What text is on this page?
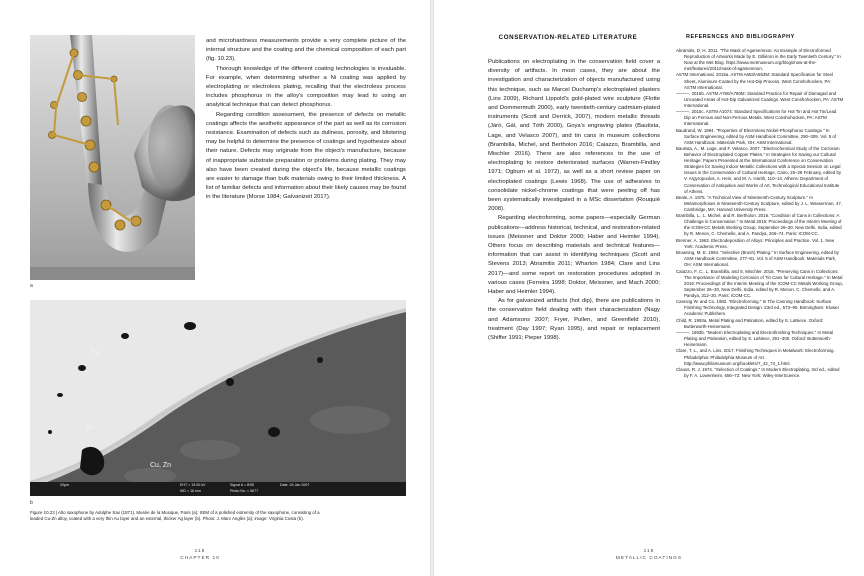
a

and microhardness measurements provide a very complete picture of the internal structure and the coating and the chemical composition of each part (fig. 10.23).

Thorough knowledge of the different coating technologies is invaluable. For example, when determining whether a Ni coating was applied by electroplating or electroless plating, recalling that the electroless process includes phosphorus in the alloy's composition may lead to using an analytical technique that can detect phosphorus.

Regarding condition assessment, the presence of defects on metallic coatings affects the aesthetic appearance of the part as well as its corrosion resistance. Examination of defects such as dullness, porosity, and blistering may be helpful to determine the presence of coatings and hypothesize about their nature. Defects may originate from the object's manufacture, because of inappropriate substrate preparation or problems during plating. They may also have been created during the object's life, because metallic coatings are easier to damage than bulk materials owing to their limited thickness. A list of familiar defects and information about their likely causes may be found in the literature (Morse 1984; Galvanizeit 2017).

Ag
Au
Cu, Zn
20μm	EHT = 15.00 kV
WD = 16 mm
Signal A = BSE
Photo No. = 5677
Date :24 Jan 2007
b

Figure 10.23 | Alto saxophone by Adolphe Sax (1871), Musée de la Musique, Paris (a); SEM of a polished extremity of the saxophone, consisting of a leaded Cu-Zn alloy, coated with a very thin Au layer and an external, thicker Ag layer (b). Photo: J. Marc Anglès (a); image: Virginia Costa (b).

118
CHAPTER 10
CONSERVATION-RELATED LITERATURE

Publications on electroplating in the conservation field cover a diversity of artifacts. In most cases, they are about the investigation and characterization of objects manufactured using this technique, such as Marcel Duchamp's electroplated plasters (Lins 2009), Richard Lippold's gold-plated wire sculpture (Flotte and Dommermuth 2000), early twentieth-century cadmium-plated instruments (Scott and Derrick, 2007), modern metallic threads (Járó, Gál, and Tóth 2000), Goya's engraving plates (Bautista, Lage, and Velasco 2007), and tin cans in museum collections (Brambilla, Michel, and Bertholon 2016; Caiazzo, Brambilla, and Mischler 2016). There are also references to the use of electroplating to restore deteriorated surfaces (Warren-Findley 1971; Ogburn et al. 1972), as well as a short review paper on electroplated coatings (Lewis 1968). The use of adhesives to consolidate nickel-chrome coatings that were peeling off has been systematically investigated in a MSc dissertation (Rouquié 2008).

Regarding electroforming, some papers—especially German publications—address historical, technical, and restoration-related issues (Meissner and Doktor 2000; Haber and Heimler 1994). Others focus on describing materials and technical features—information that can assist in identifying techniques (Scott and Stevens 2013; Abramitis 2011; Wharton 1984; Clare and Lins 2017)—and some report on restoration procedures adopted in various cases (Ferreira 1998; Doktor, Meissner, and Mach 2000; Haber and Heimler 1994).

As for galvanized artifacts (hot dip), there are publications in the conservation field dealing with their characterization (Nagy and Adamsons 2007; Fryer, Pullen, and Greenfield 2010), treatment (Day 1997; Ryan 1995), and repair or replacement (Shiffer 1991; Pieper 1998).

REFERENCES AND BIBLIOGRAPHY
Abramitis, D. H. 2011. "The Mask of Agamemnon: An Example of Electroformed Reproduction of Artworks Made by E. Gilliéron in the Early Twentieth Century." In Now at the Met Blog. https://www.metmuseum.org/blogs/now-at-the-met/features/2011/mask-of-agamemnon.
ASTM International. 2015a. ASTM A653/A653M: Standard Specification for Steel Sheet, Aluminum-Coated by the Hot-Dip Process. West Conshohocken, PA: ASTM International.
———. 2015b. ASTM A780/A780M: Standard Practice for Repair of Damaged and Uncoated Areas of Hot-Dip Galvanized Coatings. West Conshohocken, PA: ASTM International.
———. 2015c. ASTM A1074: Standard Specifications for Hot Tin and Hot Tin/Lead Dip on Ferrous and Non-Ferrous Metals. West Conshohocken, PA: ASTM International.
Baudrand, W. 1994. "Properties of Electroless Nickel-Phosphorus Coatings." In Surface Engineering, edited by ASM Handbook Committee, 290–309. Vol. 5 of ASM Handbook. Materials Park, OH: ASM International.
Bautista, A., M. Lage, and F. Velasco. 2007. "Electrochemical Study of the Corrosion Behavior of Electroplated Copper Plates." In Strategies for Saving our Cultural Heritage: Papers Presented at the International Conference on Conservation Strategies for Saving Indoor Metallic Collections with a Special Session on Legal Issues in the Conservation of Cultural Heritage, Cairo, 25–28 February, edited by V. Argyropoulos, A. Hein, and M. A. Harith, 110–14. Athens: Department of Conservation of Antiquities and Works of Art, Technological Educational Institute of Athens.
Beale, A. 1975. "A Technical View of Nineteenth-Century Sculpture." In Metamorphoses in Nineteenth-Century Sculpture, edited by J. L. Wasserman, 47. Cambridge, MA: Harvard University Press.
Brambilla, L., L. Michel, and R. Bertholon. 2016. "Condition of Cans in Collections: A Challenge in Conservation." In Metal 2016: Proceedings of the Interim Meeting of the ICOM-CC Metals Working Group, September 26–30, New Delhi, India, edited by R. Menon, C. Chemello, and A. Pandya, 266–74. Paris: ICOM-CC.
Brenner, A. 1963. Electrodeposition of Alloys: Principles and Practice. Vol. 1. New York: Academic Press.
Browning, M. E. 1994. "Selective (Brush) Plating." In Surface Engineering, edited by ASM Handbook Committee, 277–81. Vol. 5 of ASM Handbook. Materials Park, OH: ASM International.
Caiazzo, F. C., L. Brambilla, and S. Mischler. 2016. "Preserving Cans in Collections: The Importance of Modeling Corrosion of Tin Cans for Cultural Heritage." In Metal 2016: Proceedings of the Interim Meeting of the ICOM-CC Metals Working Group, September 26–30, New Delhi, India, edited by R. Menon, C. Chemello, and A. Pandya, 312–20. Paris: ICOM-CC.
Canning W. and Co. 1982. "Electroforming." In The Canning Handbook: Surface Finishing Technology, Integrated Design. 23rd ed., 573–90. Birmingham: Kluwer Academic Publishers.
Child, R. 1993a. Metal Plating and Patination, edited by S. LaNiece. Oxford: Butterworth-Heinemann.
———. 1993b. "Modern Electroplating and Electrofinishing Techniques." In Metal Plating and Patination, edited by S. LaNiece, 291–300. Oxford: Butterworth-Heinemann.
Clare, T. L., and A. Lins. 2017. Finishing Techniques in Metalwork: Electroforming. Philadelphia: Philadelphia Museum of Art. http://www.philamuseum.org/booklets/7_42_74_1.html.
Clauss, R. J. 1974. "Selection of Coatings." In Modern Electroplating, 3rd ed., edited by F. A. Lowenheim, 656–72. New York: Wiley-InterScience.
119
METALLIC COATINGS
